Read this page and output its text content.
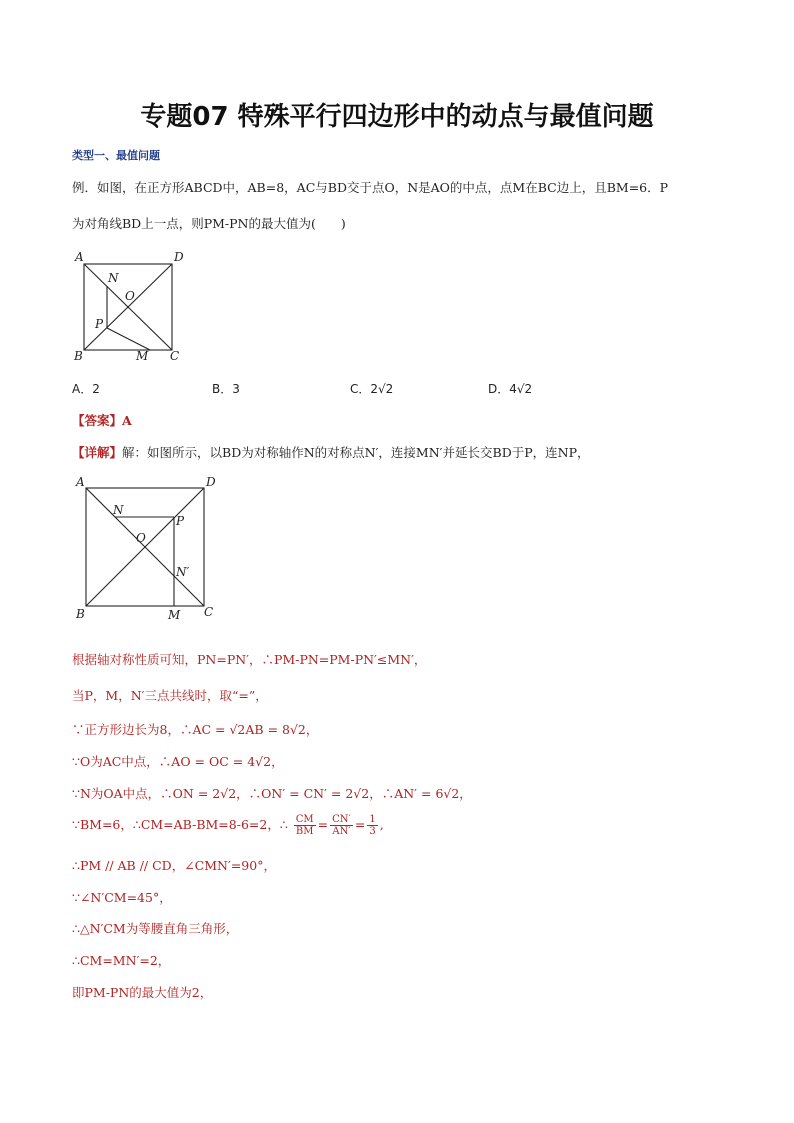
专题07 特殊平行四边形中的动点与最值问题
类型一、最值问题
例．如图，在正方形ABCD中，AB=8，AC与BD交于点O，N是AO的中点，点M在BC边上，且BM=6．P
为对角线BD上一点，则PM-PN的最大值为(　　)
A	D
B	C
N
O
P
M
A．2	B．3	C．2√2	D．4√2
【答案】A
【详解】解：如图所示，以BD为对称轴作N的对称点N′，连接MN′并延长交BD于P，连NP，
A	D
B	C
N
O
P
N′
M
根据轴对称性质可知，PN=PN′，∴PM-PN=PM-PN′≤MN′，
当P，M，N′三点共线时，取“=”，
∵正方形边长为8，∴AC = √2AB = 8√2，
∵O为AC中点，∴AO = OC = 4√2，
∵N为OA中点，∴ON = 2√2，∴ON′ = CN′ = 2√2，∴AN′ = 6√2，
∵BM=6，∴CM=AB-BM=8-6=2，∴ $\frac{CM}{BM} = \frac{CN'}{AN'} = \frac{1}{3}$ ,
∴PM // AB // CD，∠CMN′=90°，
∵∠N′CM=45°，
∴△N′CM为等腰直角三角形，
∴CM=MN′=2，
即PM-PN的最大值为2，
